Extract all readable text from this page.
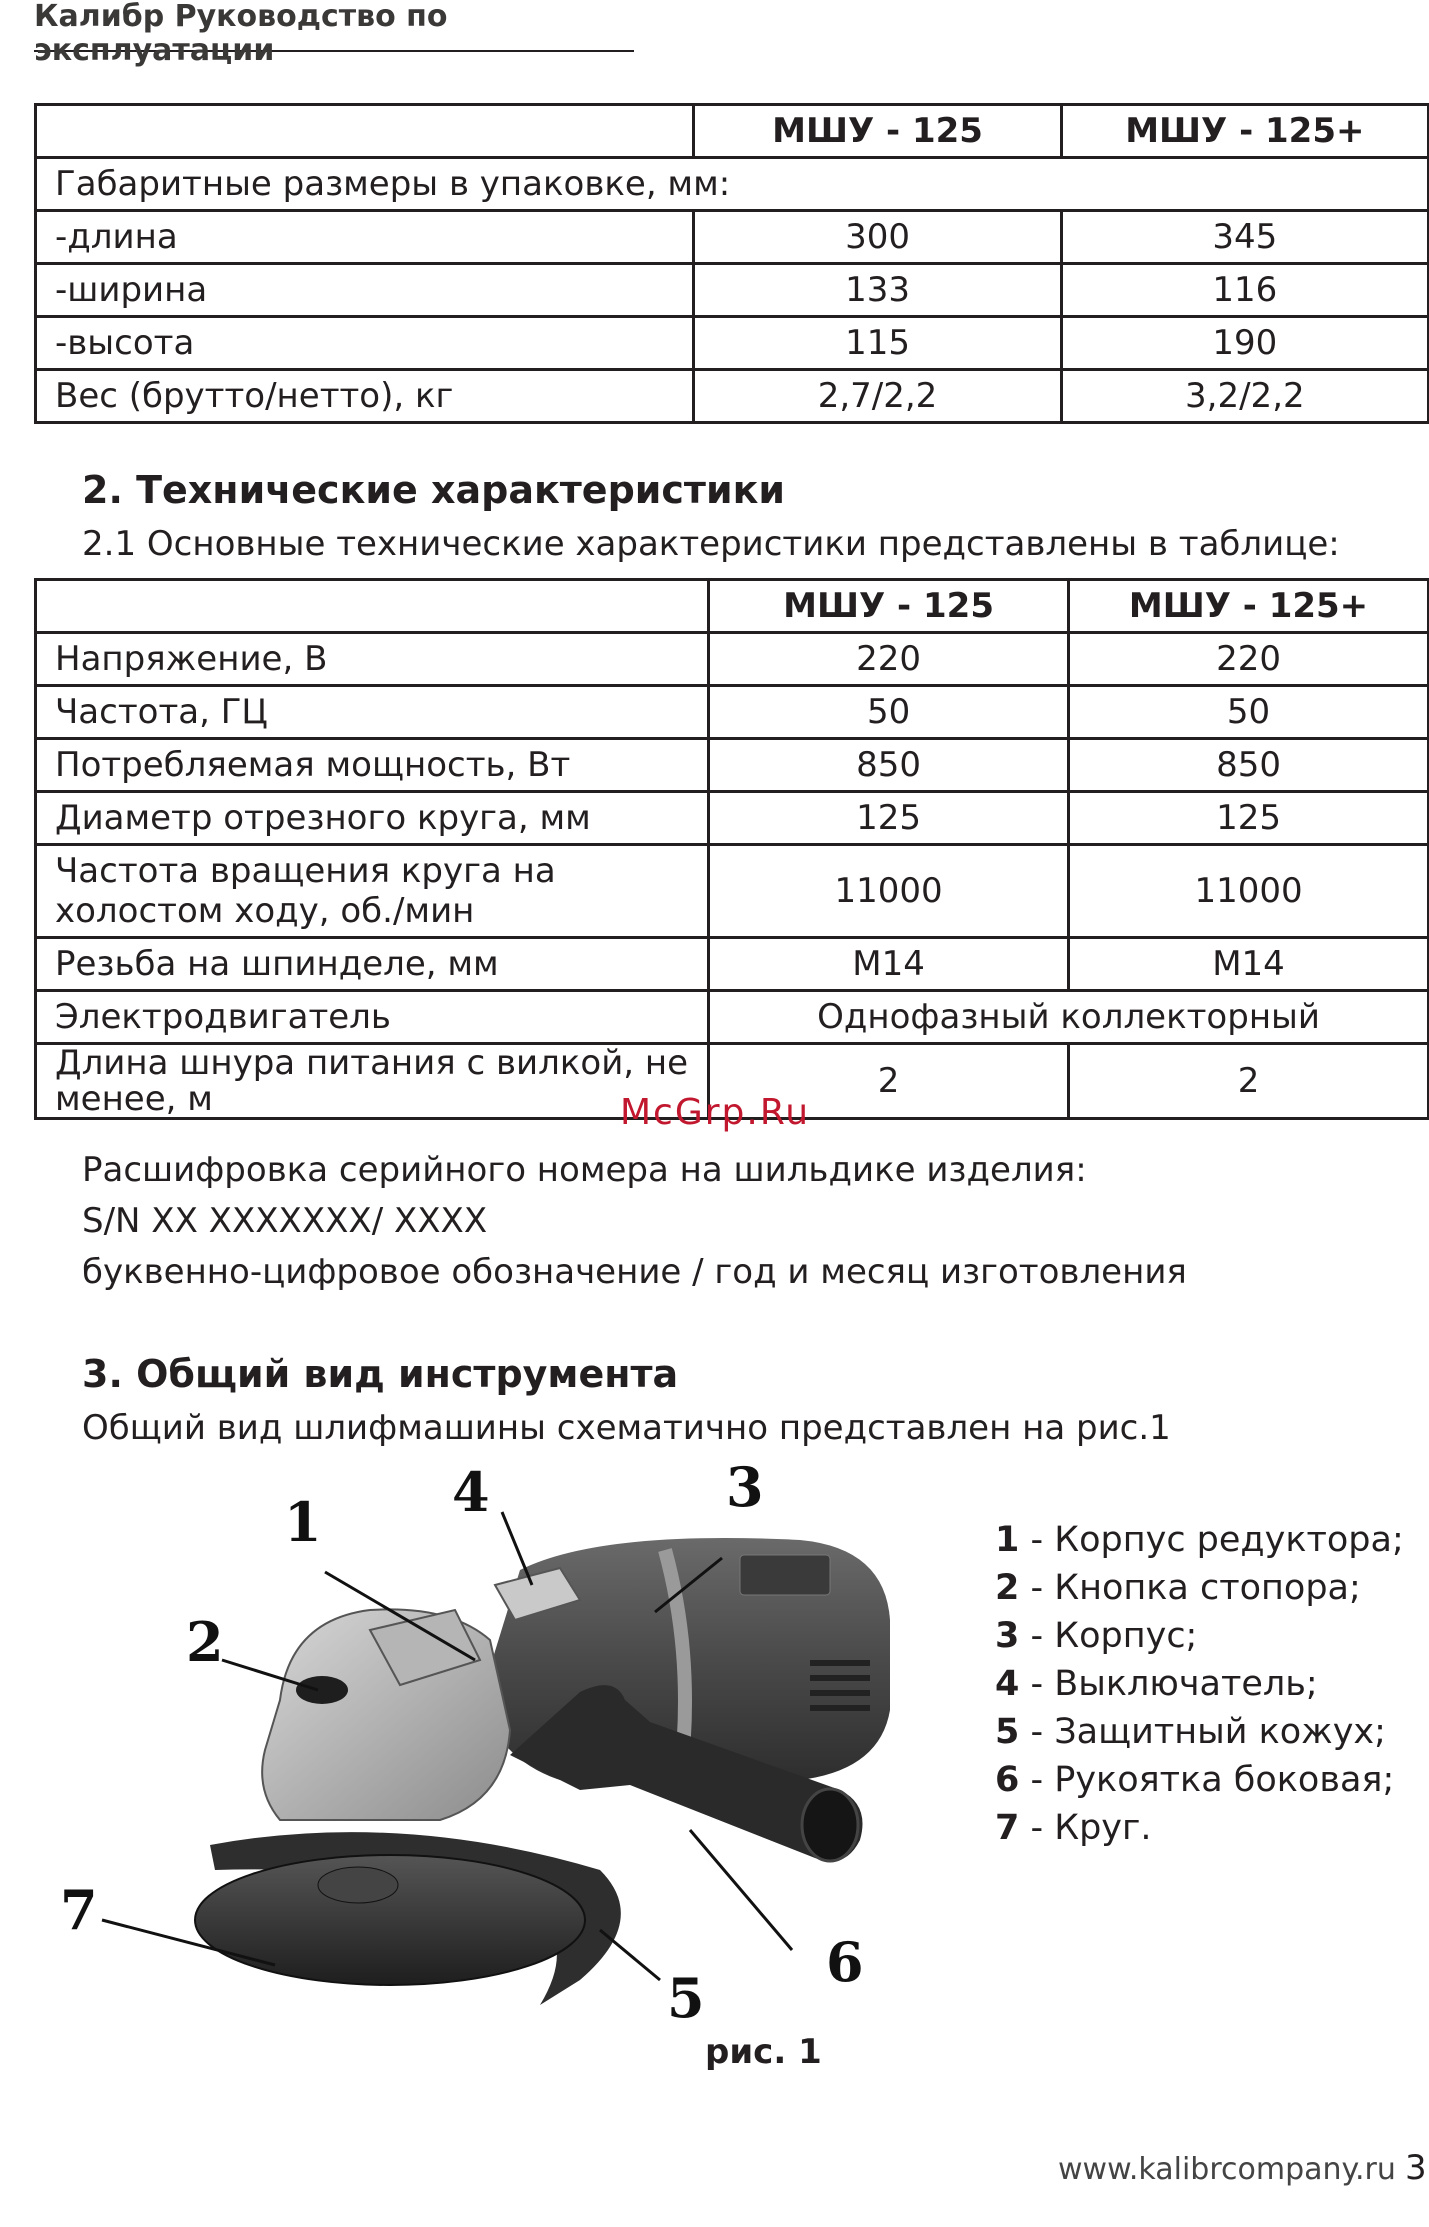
Калибр Руководство по эксплуатации
	МШУ - 125	МШУ - 125+
Габаритные размеры в упаковке, мм:		
-длина	300	345
-ширина	133	116
-высота	115	190
Вес (брутто/нетто), кг	2,7/2,2	3,2/2,2
2. Технические характеристики
2.1 Основные технические характеристики представлены в таблице:
	МШУ - 125	МШУ - 125+
Напряжение, В	220	220
Частота, ГЦ	50	50
Потребляемая мощность, Вт	850	850
Диаметр отрезного круга, мм	125	125
Частота вращения круга на холостом ходу, об./мин	11000	11000
Резьба на шпинделе, мм	М14	М14
Электродвигатель	Однофазный коллекторный	
Длина шнура питания с вилкой, не менее, м	2	2
McGrp.Ru
Расшифровка серийного номера на шильдике изделия:
S/N XX XXXXXXX/ XXXX
буквенно-цифровое обозначение / год и месяц изготовления
3. Общий вид инструмента
Общий вид шлифмашины схематично представлен на рис.1
1
2
3
4
5
6
7
рис. 1
1 - Корпус редуктора;
2 - Кнопка стопора;
3 - Корпус;
4 - Выключатель;
5 - Защитный кожух;
6 - Рукоятка боковая;
7 - Круг.
www.kalibrcompany.ru 3
